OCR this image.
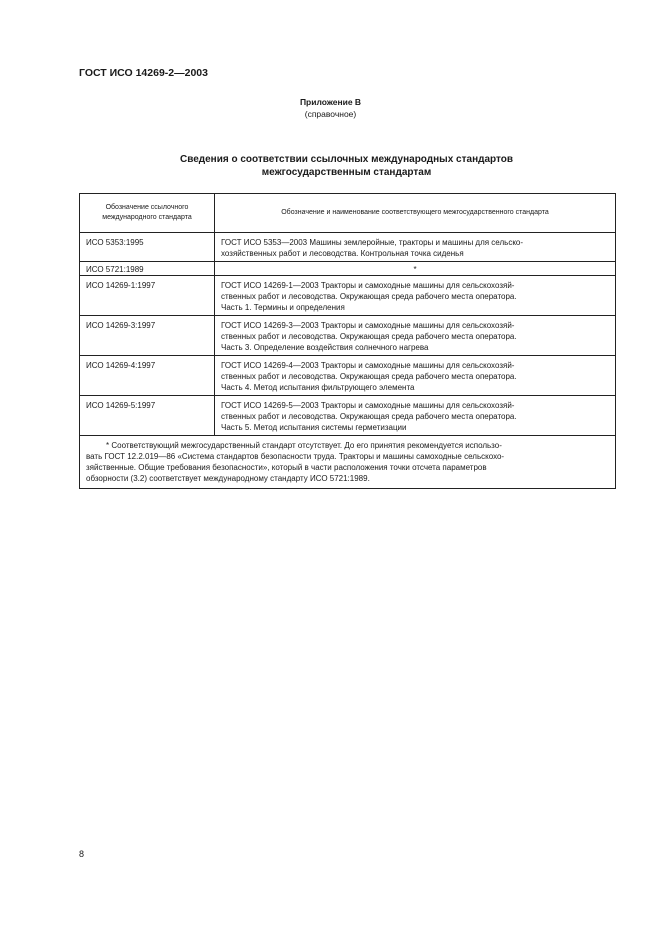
ГОСТ ИСО 14269-2—2003
Приложение В
(справочное)
Сведения о соответствии ссылочных международных стандартов
межгосударственным стандартам
Обозначение ссылочного
международного стандарта	Обозначение и наименование соответствующего межгосударственного стандарта
ИСО 5353:1995	ГОСТ ИСО 5353—2003 Машины землеройные, тракторы и машины для сельско-
хозяйственных работ и лесоводства. Контрольная точка сиденья

ИСО 5721:1989	*

ИСО 14269-1:1997	ГОСТ ИСО 14269-1—2003 Тракторы и самоходные машины для сельскохозяй-
ственных работ и лесоводства. Окружающая среда рабочего места оператора.
Часть 1. Термины и определения

ИСО 14269-3:1997	ГОСТ ИСО 14269-3—2003 Тракторы и самоходные машины для сельскохозяй-
ственных работ и лесоводства. Окружающая среда рабочего места оператора.
Часть 3. Определение воздействия солнечного нагрева

ИСО 14269-4:1997	ГОСТ ИСО 14269-4—2003 Тракторы и самоходные машины для сельскохозяй-
ственных работ и лесоводства. Окружающая среда рабочего места оператора.
Часть 4. Метод испытания фильтрующего элемента

ИСО 14269-5:1997	ГОСТ ИСО 14269-5—2003 Тракторы и самоходные машины для сельскохозяй-
ственных работ и лесоводства. Окружающая среда рабочего места оператора.
Часть 5. Метод испытания системы герметизации

* Соответствующий межгосударственный стандарт отсутствует. До его принятия рекомендуется использо-
вать ГОСТ 12.2.019—86 «Система стандартов безопасности труда. Тракторы и машины самоходные сельскохо-
зяйственные. Общие требования безопасности», который в части расположения точки отсчета параметров
обзорности (3.2) соответствует международному стандарту ИСО 5721:1989.	
8
